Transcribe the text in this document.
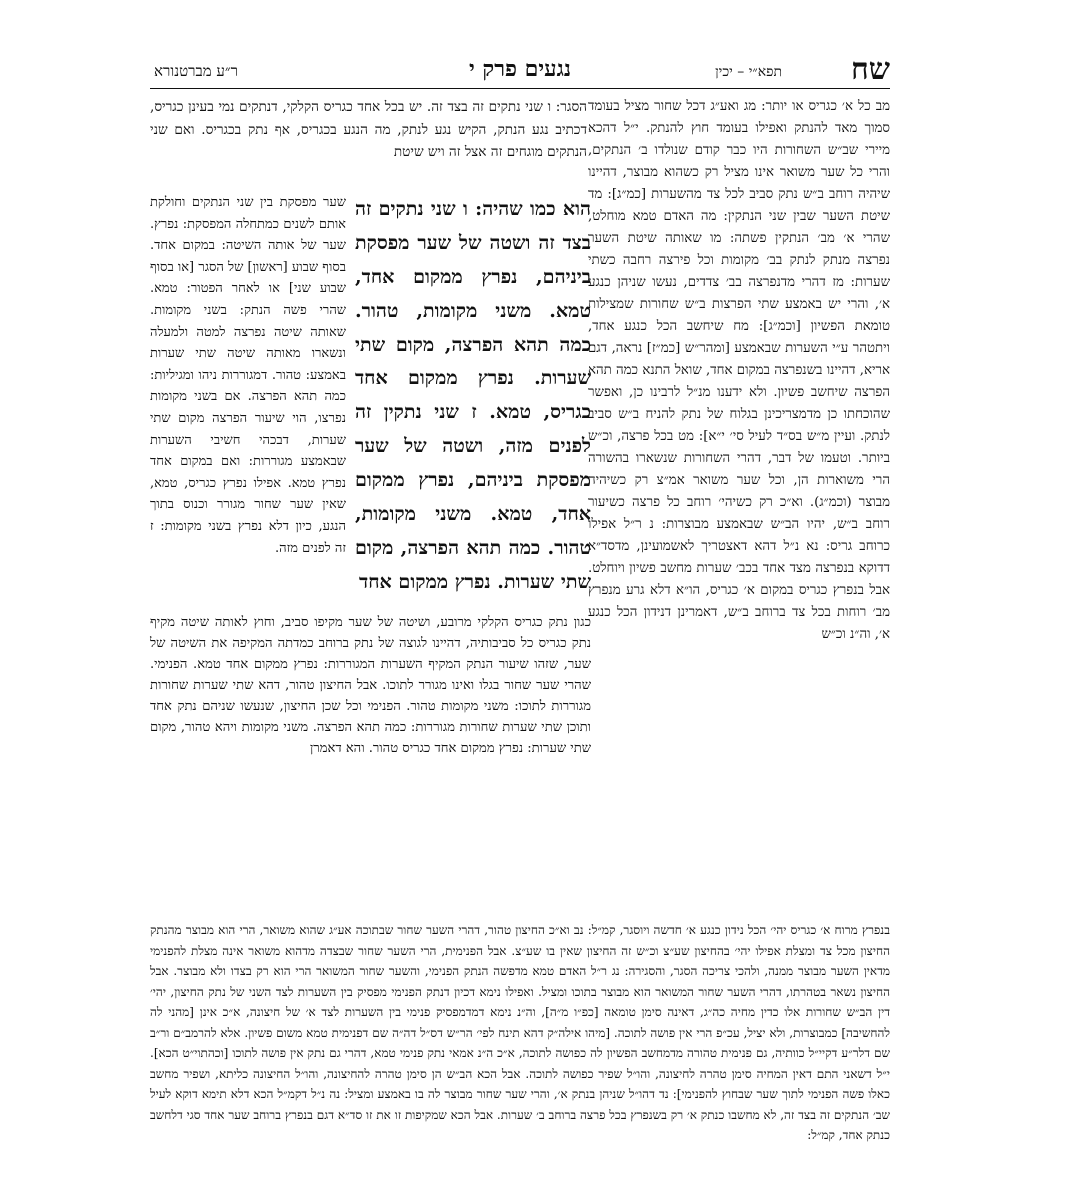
שח
תפא״י – יכין
נגעים פרק י
ר״ע מברטנורא

מב כל א׳ כגריס או יותר: מג ואע״ג דכל שחור מציל בעומד סמוך מאד להנתק ואפילו בעומד חוץ להנתק. י״ל דהכא מיירי שב״ש השחורות היו כבר קודם שנולדו ב׳ הנתקים, והרי כל שער משואר אינו מציל רק כשהוא מבוצר, דהיינו שיהיה רוחב ב״ש נתק סביב לכל צד מהשערות [כמ״ג]: מד שיטת השער שבין שני הנתקין: מה האדם טמא מוחלט, שהרי א׳ מב׳ הנתקין פשתה: מו שאותה שיטת השער נפרצה מנתק לנתק בב׳ מקומות וכל פירצה רחבה כשתי שערות: מז דהרי מדנפרצה בב׳ צדדים, נעשו שניהן כנגע א׳, והרי יש באמצע שתי הפרצות ב״ש שחורות שמצילות טומאת הפשיון [וכמ״ג]: מח שיחשב הכל כנגע אחד, ויתטהר ע״י השערות שבאמצע [ומהר״ש [כמ״ז] נראה, דגם אריא, דהיינו בשנפרצה במקום אחד, שואל התנא כמה תהא הפרצה שיחשב פשיון. ולא ידענו מנ״ל לרבינו כן, ואפשר שהוכחתו כן מדמצריכינן בגלוח של נתק להניח ב״ש סביב לנתק. ועיין מ״ש בס״ד לעיל סי׳ י״א]: מט בכל פרצה, וכ״ש ביותר. וטעמו של דבר, דהרי השחורות שנשארו בהשורה הרי משוארות הן, וכל שער משואר אמ״צ רק כשיהיה מבוצר (וכמ״ג). וא״כ רק כשיהי׳ רוחב כל פרצה כשיעור רוחב ב״ש, יהיו הב״ש שבאמצע מבוצרות: נ ר״ל אפילו כרוחב גריס: נא נ״ל דהא דאצטריך לאשמועינן, מדסד״א דדוקא בנפרצה מצד אחד בכב׳ שערות מחשב פשיון ויוחלט. אבל בנפרץ כגריס במקום א׳ כגריס, הו״א דלא גרע מנפרץ מב׳ רוחות בכל צד ברוחב ב״ש, דאמרינן דנידון הכל כנגע א׳, וה״נ וכ״ש

הסגר: ו שני נתקים זה בצד זה. יש בכל אחד כגריס הקלקי, דנתקים נמי בעינן כגריס, דכתיב נגע הנתק, הקיש נגע לנתק, מה הנגע בכגריס, אף נתק בכגריס. ואם שני הנתקים מוגחים זה אצל זה ויש שיטת

הוא כמו שהיה: ו שני נתקים זה בצד זה ושטה של שער מפסקת ביניהם, נפרץ ממקום אחד, טמא. משני מקומות, טהור. כמה תהא הפרצה, מקום שתי שערות. נפרץ ממקום אחד כגריס, טמא. ז שני נתקין זה לפנים מזה, ושטה של שער מפסקת ביניהם, נפרץ ממקום אחד, טמא. משני מקומות, טהור. כמה תהא הפרצה, מקום שתי שערות. נפרץ ממקום אחד

שער מפסקת בין שני הנתקים וחולקת אותם לשנים כמתחלה המפסקת: נפרץ. שער של אותה השיטה: במקום אחד. בסוף שבוע [ראשון] של הסגר [או בסוף שבוע שני] או לאחר הפטור: טמא. שהרי פשה הנתק: בשני מקומות. שאותה שיטה נפרצה למטה ולמעלה ונשארו מאותה שיטה שתי שערות באמצע: טהור. דמגוררות ניהו ומגיליות: כמה תהא הפרצה. אם בשני מקומות נפרצו, הוי שיעור הפרצה מקום שתי שערות, דבכהי חשיבי השערות שבאמצע מגוררות: ואם במקום אחד נפרץ טמא. אפילו נפרץ כגריס, טמא, שאין שער שחור מגורר וכנוס בתוך הנגע, כיון דלא נפרץ בשני מקומות: ז זה לפנים מזה.

כגון נתק כגריס הקלקי מרובע, ושיטה של שער מקיפו סביב, וחוץ לאותה שיטה מקיף נתק כגריס כל סביבותיה, דהיינו לגוצה של נתק ברוחב כמדתה המקיפה את השיטה של שער, שזהו שיעור הנתק המקיף השערות המגוררות: נפרץ ממקום אחד טמא. הפנימי. שהרי שער שחור בגלו ואינו מגורר לתוכו. אבל החיצון טהור, דהא שתי שערות שחורות מגוררות לתוכו: משני מקומות טהור. הפנימי וכל שכן החיצון, שנעשו שניהם נתק אחד ותוכן שתי שערות שחורות מגוררות: כמה תהא הפרצה. משני מקומות ויהא טהור, מקום שתי שערות: נפרץ ממקום אחד כגריס טהור. והא דאמרן

בנפרץ מרוח א׳ כגריס יהי׳ הכל נידון כנגע א׳ חדשה ויוסגר, קמ״ל: נב וא״כ החיצון טהור, דהרי השער שחור שבתוכה אע״ג שהוא משואר, הרי הוא מבוצר מהנתק החיצון מכל צד ומצלת אפילו יהי׳ בהחיצון שע״צ וכ״ש זה החיצון שאין בו שע״צ. אבל הפנימית, הרי השער שחור שבצדה מדהוא משואר אינה מצלת להפנימי מדאין השער מבוצר ממנה, ולהכי צריכה הסגר, והסגירה: נג ר״ל האדם טמא מדפשה הנתק הפנימי, והשער שחור המשואר הרי הוא רק בצדו ולא מבוצר. אבל החיצון נשאר בטהרתו, דהרי השער שחור המשואר הוא מבוצר בתוכו ומציל. ואפילו נימא דכיון דנתק הפנימי מפסיק בין השערות לצד השני של נתק החיצון, יהי׳ דין הב״ש שחורות אלו כדין מחיה כה״ג, דאינה סימן טומאה [כפ״ו מ״ה], וה״נ נימא דמדמפסיק פנימי בין השערות לצד א׳ של חיצונה, א״כ אינן [מהני לה להחשיבה] כמבוצרות, ולא יציל, עכ״פ הרי אין פושה לתוכה. [מיהו אילה״ק דהא תינח לפי׳ הר״ש דס״ל דה״ה שם דפנימית טמא משום פשיון. אלא להרמב״ם ור״ב שם דלר״ע דקיי״ל כוותיה, גם פנימית טהורה מדמחשב הפשיון לה כפושה לתוכה, א״כ ה״נ אמאי נתק פנימי טמא, דהרי גם נתק אין פושה לתוכו [וכהתוי״ט הכא]. י״ל דשאני התם דאין המחיה סימן טהרה לחיצונה, והו״ל שפיר כפושה לתוכה. אבל הכא הב״ש הן סימן טהרה להחיצונה, והו״ל החיצונה כליתא, ושפיר מחשב כאלו פשה הפנימי לתוך שער שבחוץ להפנימי]: נד דהו״ל שניהן בנתק א׳, והרי שער שחור מבוצר לה בו באמצע ומציל: נה נ״ל דקמ״ל הכא דלא תימא דוקא לעיל שב׳ הנתקים זה בצד זה, לא מחשבו כנתק א׳ רק בשנפרץ בכל פרצה ברוחב ב׳ שערות. אבל הכא שמקיפות זו את זו סד״א דגם בנפרץ ברוחב שער אחד סגי דלחשב כנתק אחד, קמ״ל:
